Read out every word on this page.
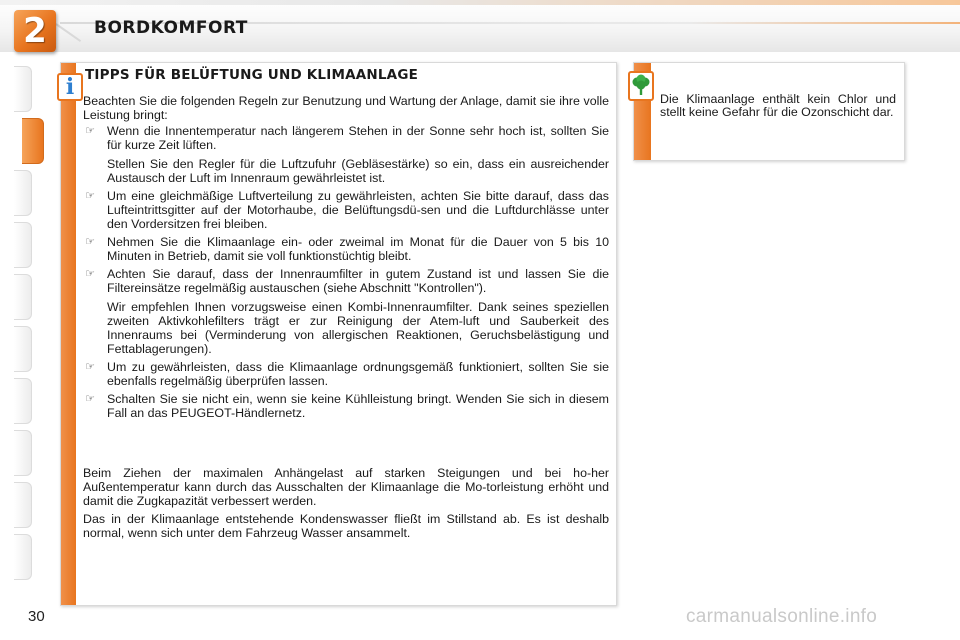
2	BORDKOMFORT
i TIPPS FÜR BELÜFTUNG UND KLIMAANLAGE

Beachten Sie die folgenden Regeln zur Benutzung und Wartung der Anlage, damit sie ihre volle Leistung bringt:

☞ Wenn die Innentemperatur nach längerem Stehen in der Sonne sehr hoch ist, sollten Sie für kurze Zeit lüften.
Stellen Sie den Regler für die Luftzufuhr (Gebläsestärke) so ein, dass ein ausreichender Austausch der Luft im Innenraum gewährleistet ist.
☞ Um eine gleichmäßige Luftverteilung zu gewährleisten, achten Sie bitte darauf, dass das Lufteintrittsgitter auf der Motorhaube, die Belüftungsdü-sen und die Luftdurchlässe unter den Vordersitzen frei bleiben.
☞ Nehmen Sie die Klimaanlage ein- oder zweimal im Monat für die Dauer von 5 bis 10 Minuten in Betrieb, damit sie voll funktionstüchtig bleibt.
☞ Achten Sie darauf, dass der Innenraumfilter in gutem Zustand ist und lassen Sie die Filtereinsätze regelmäßig austauschen (siehe Abschnitt "Kontrollen").
Wir empfehlen Ihnen vorzugsweise einen Kombi-Innenraumfilter. Dank seines speziellen zweiten Aktivkohlefilters trägt er zur Reinigung der Atem-luft und Sauberkeit des Innenraums bei (Verminderung von allergischen Reaktionen, Geruchsbelästigung und Fettablagerungen).
☞ Um zu gewährleisten, dass die Klimaanlage ordnungsgemäß funktioniert, sollten Sie sie ebenfalls regelmäßig überprüfen lassen.
☞ Schalten Sie sie nicht ein, wenn sie keine Kühlleistung bringt. Wenden Sie sich in diesem Fall an das PEUGEOT-Händlernetz.

Beim Ziehen der maximalen Anhängelast auf starken Steigungen und bei ho-her Außentemperatur kann durch das Ausschalten der Klimaanlage die Mo-torleistung erhöht und damit die Zugkapazität verbessert werden.

Das in der Klimaanlage entstehende Kondenswasser fließt im Stillstand ab. Es ist deshalb normal, wenn sich unter dem Fahrzeug Wasser ansammelt.

Die Klimaanlage enthält kein Chlor und stellt keine Gefahr für die Ozonschicht dar.
30	carmanualsonline.info
